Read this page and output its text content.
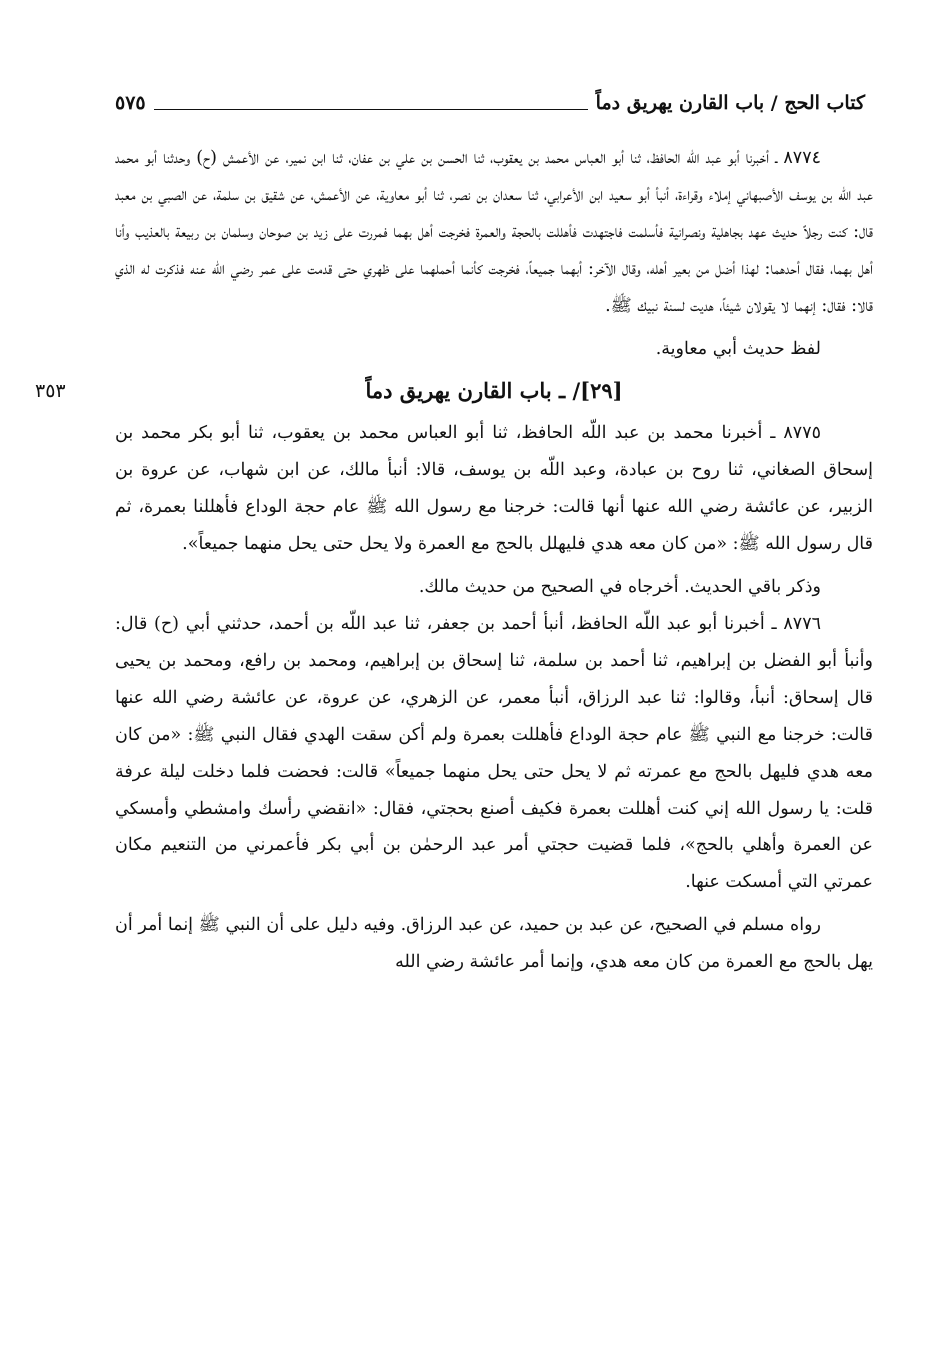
كتاب الحج / باب القارن يهريق دماً
٥٧٥

٨٧٧٤ ـ أخبرنا أبو عبد اللّه الحافظ، ثنا أبو العباس محمد بن يعقوب، ثنا الحسن بن علي بن عفان، ثنا ابن نمير، عن الأعمش (ح) وحدثنا أبو محمد عبد اللّه بن يوسف الأصبهاني إملاء وقراءة، أنبأ أبو سعيد ابن الأعرابي، ثنا سعدان بن نصر، ثنا أبو معاوية، عن الأعمش، عن شقيق بن سلمة، عن الصبي بن معبد قال: كنت رجلاً حديث عهد بجاهلية ونصرانية فأسلمت فاجتهدت فأهللت بالحجة والعمرة فخرجت أهل بهما فمررت على زيد بن صوحان وسلمان بن ربيعة بالعذيب وأنا أهل بهما، فقال أحدهما: لهذا أضل من بعير أهله، وقال الآخر: أبهما جميعاً، فخرجت كأنما أحملهما على ظهري حتى قدمت على عمر رضي الله عنه فذكرت له الذي قالا: فقال: إنهما لا يقولان شيئاً، هديت لسنة نبيك ﷺ.

لفظ حديث أبي معاوية.

[٢٩]/ ـ باب القارن يهريق دماً
٣٥٣

٨٧٧٥ ـ أخبرنا محمد بن عبد اللّه الحافظ، ثنا أبو العباس محمد بن يعقوب، ثنا أبو بكر محمد بن إسحاق الصغاني، ثنا روح بن عبادة، وعبد اللّه بن يوسف، قالا: أنبأ مالك، عن ابن شهاب، عن عروة بن الزبير، عن عائشة رضي الله عنها أنها قالت: خرجنا مع رسول الله ﷺ عام حجة الوداع فأهللنا بعمرة، ثم قال رسول الله ﷺ: «من كان معه هدي فليهلل بالحج مع العمرة ولا يحل حتى يحل منهما جميعاً».

وذكر باقي الحديث. أخرجاه في الصحيح من حديث مالك.

٨٧٧٦ ـ أخبرنا أبو عبد اللّه الحافظ، أنبأ أحمد بن جعفر، ثنا عبد اللّه بن أحمد، حدثني أبي (ح) قال: وأنبأ أبو الفضل بن إبراهيم، ثنا أحمد بن سلمة، ثنا إسحاق بن إبراهيم، ومحمد بن رافع، ومحمد بن يحيى قال إسحاق: أنبأ، وقالوا: ثنا عبد الرزاق، أنبأ معمر، عن الزهري، عن عروة، عن عائشة رضي الله عنها قالت: خرجنا مع النبي ﷺ عام حجة الوداع فأهللت بعمرة ولم أكن سقت الهدي فقال النبي ﷺ: «من كان معه هدي فليهل بالحج مع عمرته ثم لا يحل حتى يحل منهما جميعاً» قالت: فحضت فلما دخلت ليلة عرفة قلت: يا رسول الله إني كنت أهللت بعمرة فكيف أصنع بحجتي، فقال: «انقضي رأسك وامشطي وأمسكي عن العمرة وأهلي بالحج»، فلما قضيت حجتي أمر عبد الرحمٰن بن أبي بكر فأعمرني من التنعيم مكان عمرتي التي أمسكت عنها.

رواه مسلم في الصحيح، عن عبد بن حميد، عن عبد الرزاق. وفيه دليل على أن النبي ﷺ إنما أمر أن يهل بالحج مع العمرة من كان معه هدي، وإنما أمر عائشة رضي الله
